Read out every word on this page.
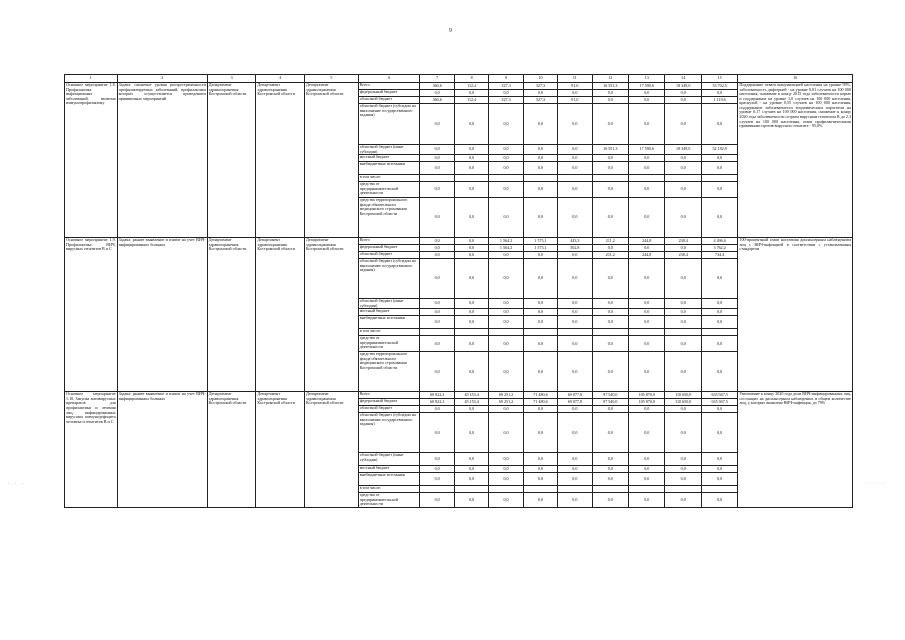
9
1	2	3	4	5	6	7	8	9	10	11	12	13	14	15	16
Основное мероприятие 1.8. Профилактика инфекционных заболеваний, включая иммунопрофилактику	Задача: снижение уровня распространенности профилактируемых заболеваний, профилактика которых осуществляется проведением прививочных мероприятий	Департамент здравоохранения Костромской области	Департамент здравоохранения Костромской области	Департамент здравоохранения Костромской области	Всего	360,6	112,4	327,3	327,3	91,0	16 551,3	17 590,6	18 349,0	53 702,5	Поддержание охвата иммунизацией населения на уровне 95%, заболеваемость дифтерией - на уровне 0,01 случаев на 100 000 населения, снижение к концу 2015 года заболеваемости корью и поддержание на уровне 1,0 случаев на 100 000 населения, краснухой - на уровне 0,55 случаев на 100 000 населения, поддержание заболеваемости эпидемическим паротитом на уровне 0,17 случаев на 100 000 населения, снижение к концу 2020 года заболеваемости острым вирусным гепатитом В до 2,3 случаев на 100 000 населения, охват профилактическими прививками против вирусного гепатита - 95,0%
					федеральный бюджет	0,0	0,0	0,0	0,0	0,0	0,0	0,0	0,0	0,0	
					областной бюджет	360,6	112,4	327,3	327,3	91,0	0,0	0,0	0,0	1 119,6	
					областной бюджет (субсидии на выполнение государственного задания)	0,0	0,0	0,0	0,0	0,0	0,0	0,0	0,0	0,0	
					областной бюджет (иные субсидии)	0,0	0,0	0,0	0,0	0,0	16 551,3	17 590,6	18 349,0	52 182,9	
					местный бюджет	0,0	0,0	0,0	0,0	0,0	0,0	0,0	0,0	0,0	
					внебюджетные источники	0,0	0,0	0,0	0,0	0,0	0,0	0,0	0,0	0,0	
					в том числе:										
					средства от предпринимательской деятельности	0,0	0,0	0,0	0,0	0,0	0,0	0,0	0,0	0,0	
					средства территориального фонда обязательного медицинского страхования Костромской области	0,0	0,0	0,0	0,0	0,0	0,0	0,0	0,0	0,0	
Основное мероприятие 1.9. Профилактика ВИЧ, вирусных гепатитов В и С	Задача: раннее выявление и взятие на учет ВИЧ-инфицированных больных	Департамент здравоохранения Костромской области	Департамент здравоохранения Костромской области	Департамент здравоохранения Костромской области	Всего	0,0	0,0	1 564,2	1 575,1	443,3	211,2	244,8	238,4	4 496,6	100-процентный охват населения диспансерным наблюдением лиц с ВИЧ-инфекцией в соответствии с установленным стандартом
					федеральный бюджет	0,0	0,0	1 564,2	1 575,1	502,8	0,0	0,0	0,0	3 762,2	
					областной бюджет	0,0	0,0	0,0	0,0	0,0	211,2	244,8	238,4	734,4	
					областной бюджет (субсидии на выполнение государственного задания)	0,0	0,0	0,0	0,0	0,0	0,0	0,0	0,0	0,0	
					областной бюджет (иные субсидии)	0,0	0,0	0,0	0,0	0,0	0,0	0,0	0,0	0,0	
					местный бюджет	0,0	0,0	0,0	0,0	0,0	0,0	0,0	0,0	0,0	
					внебюджетные источники	0,0	0,0	0,0	0,0	0,0	0,0	0,0	0,0	0,0	
					в том числе:										
					средства от предпринимательской деятельности	0,0	0,0	0,0	0,0	0,0	0,0	0,0	0,0	0,0	
					средства территориального фонда обязательного медицинского страхования Костромской области	0,0	0,0	0,0	0,0	0,0	0,0	0,0	0,0	0,0	
Основное мероприятие 1.10. Закупка антивирусных препаратов для профилактики и лечения лиц, инфицированных вирусами иммунодефицита человека и гепатитов В и С	Задача: раннее выявление и взятие на учет ВИЧ-инфицированных больных	Департамент здравоохранения Костромской области	Департамент здравоохранения Костромской области	Департамент здравоохранения Костромской области	Всего	60 922,3	45 153,4	69 251,2	71 480,6	69 077,8	97 540,0	105 870,0	110 650,0	635 947,5	Увеличение к концу 2020 года доли ВИЧ-инфицированных лиц, состоящих на диспансерном наблюдении, в общем количестве лиц, у которых выявлена ВИЧ-инфекция, до 79%
					федеральный бюджет	60 922,3	45 153,4	69 251,2	71 480,6	69 077,8	97 540,0	105 870,0	110 650,0	635 947,5	
					областной бюджет	0,0	0,0	0,0	0,0	0,0	0,0	0,0	0,0	0,0	
					областной бюджет (субсидии на выполнение государственного задания)	0,0	0,0	0,0	0,0	0,0	0,0	0,0	0,0	0,0	
					областной бюджет (иные субсидии)	0,0	0,0	0,0	0,0	0,0	0,0	0,0	0,0	0,0	
					местный бюджет	0,0	0,0	0,0	0,0	0,0	0,0	0,0	0,0	0,0	
					внебюджетные источники	0,0	0,0	0,0	0,0	0,0	0,0	0,0	0,0	0,0	
					в том числе:										
					средства от предпринимательской деятельности	0,0	0,0	0,0	0,0	0,0	0,0	0,0	0,0	0,0	
· · ·	· · ·
